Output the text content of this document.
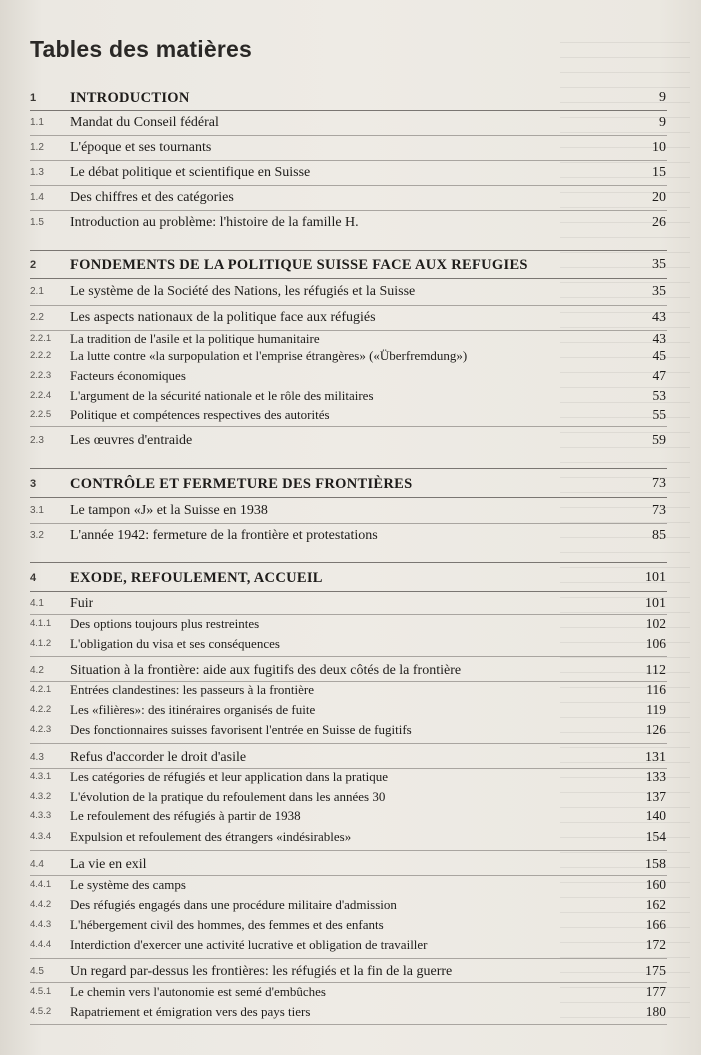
Tables des matières
1	INTRODUCTION	9
1.1	Mandat du Conseil fédéral	9
1.2	L'époque et ses tournants	10
1.3	Le débat politique et scientifique en Suisse	15
1.4	Des chiffres et des catégories	20
1.5	Introduction au problème: l'histoire de la famille H.	26
2	FONDEMENTS DE LA POLITIQUE SUISSE FACE AUX REFUGIES	35
2.1	Le système de la Société des Nations, les réfugiés et la Suisse	35
2.2	Les aspects nationaux de la politique face aux réfugiés	43
2.2.1	La tradition de l'asile et la politique humanitaire	43
2.2.2	La lutte contre «la surpopulation et l'emprise étrangères» («Überfremdung»)	45
2.2.3	Facteurs économiques	47
2.2.4	L'argument de la sécurité nationale et le rôle des militaires	53
2.2.5	Politique et compétences respectives des autorités	55
2.3	Les œuvres d'entraide	59
3	CONTRÔLE ET FERMETURE DES FRONTIÈRES	73
3.1	Le tampon «J» et la Suisse en 1938	73
3.2	L'année 1942: fermeture de la frontière et protestations	85
4	EXODE, REFOULEMENT, ACCUEIL	101
4.1	Fuir	101
4.1.1	Des options toujours plus restreintes	102
4.1.2	L'obligation du visa et ses conséquences	106
4.2	Situation à la frontière: aide aux fugitifs des deux côtés de la frontière	112
4.2.1	Entrées clandestines: les passeurs à la frontière	116
4.2.2	Les «filières»: des itinéraires organisés de fuite	119
4.2.3	Des fonctionnaires suisses favorisent l'entrée en Suisse de fugitifs	126
4.3	Refus d'accorder le droit d'asile	131
4.3.1	Les catégories de réfugiés et leur application dans la pratique	133
4.3.2	L'évolution de la pratique du refoulement dans les années 30	137
4.3.3	Le refoulement des réfugiés à partir de 1938	140
4.3.4	Expulsion et refoulement des étrangers «indésirables»	154
4.4	La vie en exil	158
4.4.1	Le système des camps	160
4.4.2	Des réfugiés engagés dans une procédure militaire d'admission	162
4.4.3	L'hébergement civil des hommes, des femmes et des enfants	166
4.4.4	Interdiction d'exercer une activité lucrative et obligation de travailler	172
4.5	Un regard par-dessus les frontières: les réfugiés et la fin de la guerre	175
4.5.1	Le chemin vers l'autonomie est semé d'embûches	177
4.5.2	Rapatriement et émigration vers des pays tiers	180
